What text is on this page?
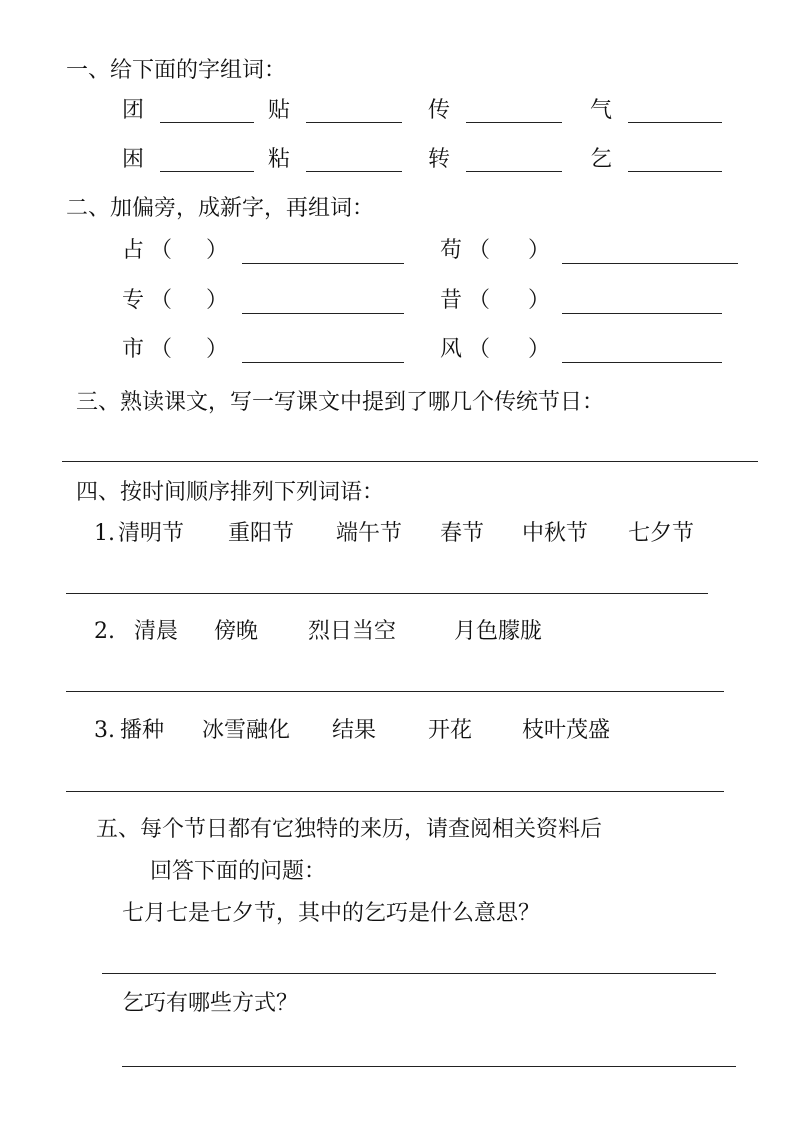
一、给下面的字组词：
团	贴	传	气
困	粘	转	乞
二、加偏旁，成新字，再组词：
占 （ ）	苟 （ ）
专 （ ）	昔 （ ）
市 （ ）	风 （ ）
三、熟读课文，写一写课文中提到了哪几个传统节日：
四、按时间顺序排列下列词语：
1. 清明节 重阳节 端午节 春节 中秋节 七夕节
2. 清晨 傍晚 烈日当空	月色朦胧
3. 播种 冰雪融化 结果 开花 枝叶茂盛
五、每个节日都有它独特的来历，请查阅相关资料后
回答下面的问题：
七月七是七夕节，其中的乞巧是什么意思？
乞巧有哪些方式？
